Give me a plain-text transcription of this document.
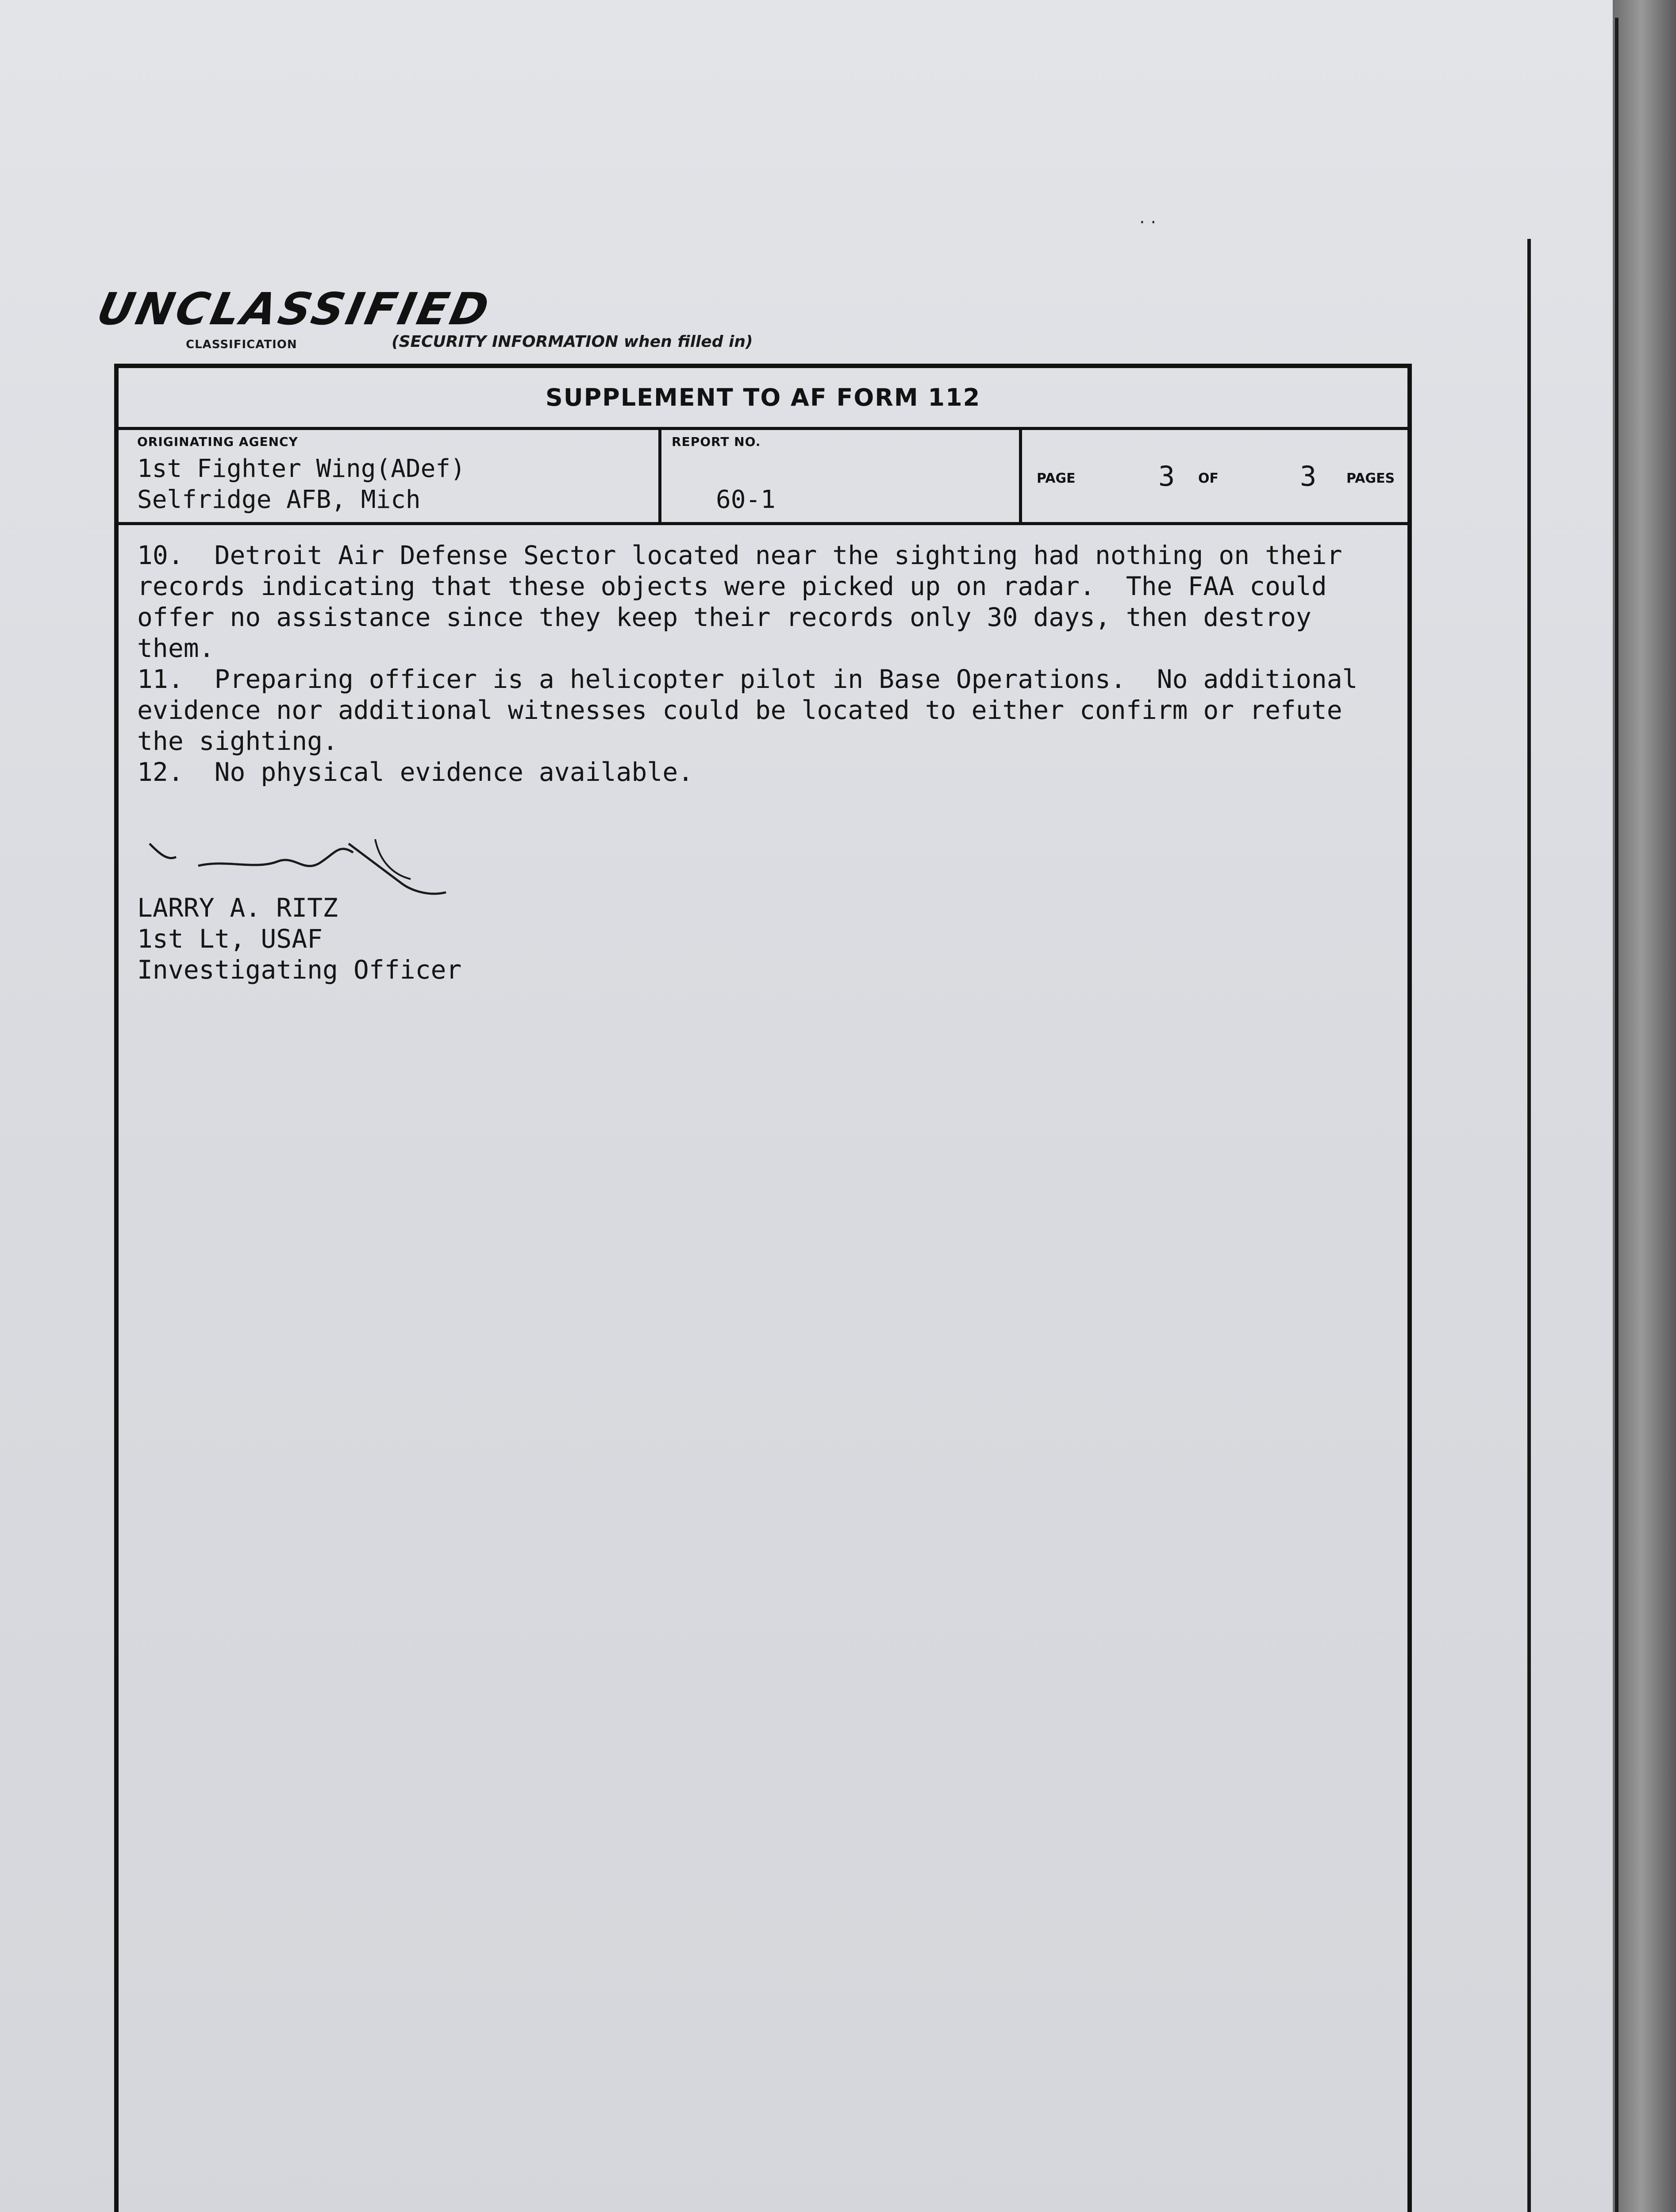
· ·
UNCLASSIFIED
CLASSIFICATION	(SECURITY INFORMATION when filled in)
SUPPLEMENT TO AF FORM 112
ORIGINATING AGENCY
1st Fighter Wing(ADef)
Selfridge AFB, Mich
REPORT NO.
60-1
PAGE	3 OF	3 PAGES
10.  Detroit Air Defense Sector located near the sighting had nothing on their
records indicating that these objects were picked up on radar.  The FAA could
offer no assistance since they keep their records only 30 days, then destroy
them.
11.  Preparing officer is a helicopter pilot in Base Operations.  No additional
evidence nor additional witnesses could be located to either confirm or refute
the sighting.
12.  No physical evidence available.
LARRY A. RITZ
1st Lt, USAF
Investigating Officer
